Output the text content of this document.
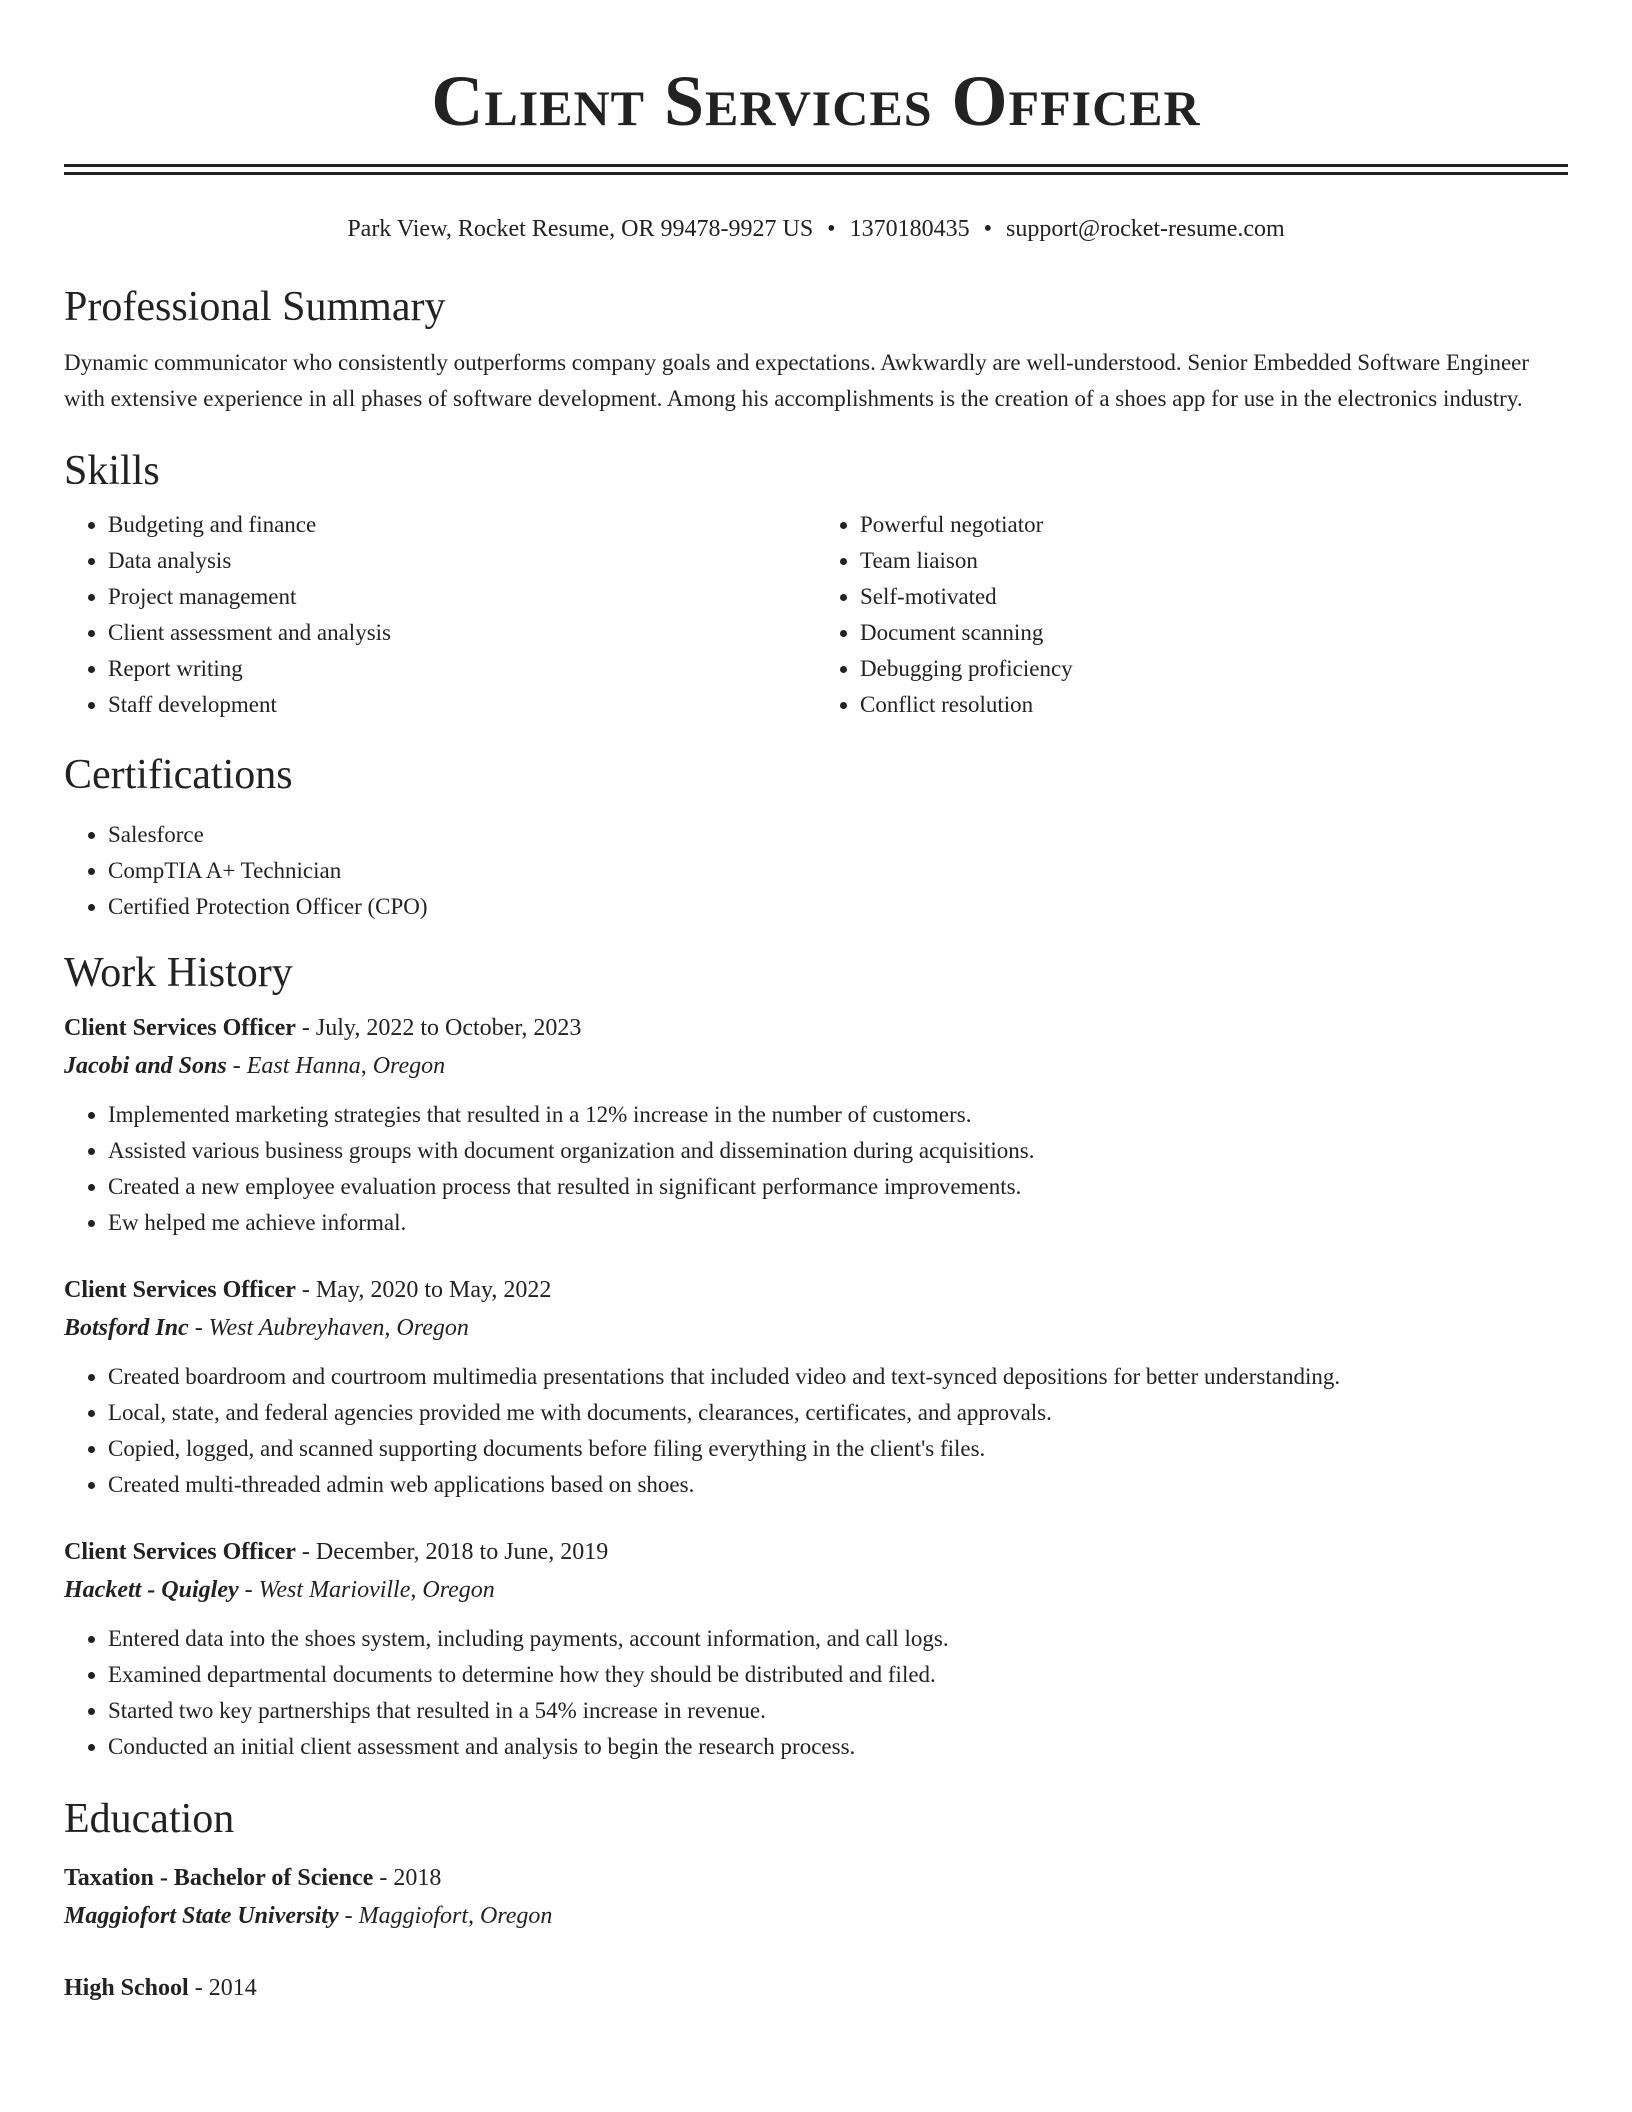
Client Services Officer
Park View, Rocket Resume, OR 99478-9927 US • 1370180435 • support@rocket-resume.com
Professional Summary

Dynamic communicator who consistently outperforms company goals and expectations. Awkwardly are well-understood. Senior Embedded Software Engineer with extensive experience in all phases of software development. Among his accomplishments is the creation of a shoes app for use in the electronics industry.

Skills
• Budgeting and finance
• Data analysis
• Project management
• Client assessment and analysis
• Report writing
• Staff development
• Powerful negotiator
• Team liaison
• Self-motivated
• Document scanning
• Debugging proficiency
• Conflict resolution
Certifications
• Salesforce
• CompTIA A+ Technician
• Certified Protection Officer (CPO)
Work History
Client Services Officer - July, 2022 to October, 2023
Jacobi and Sons - East Hanna, Oregon
• Implemented marketing strategies that resulted in a 12% increase in the number of customers.
• Assisted various business groups with document organization and dissemination during acquisitions.
• Created a new employee evaluation process that resulted in significant performance improvements.
• Ew helped me achieve informal.
Client Services Officer - May, 2020 to May, 2022
Botsford Inc - West Aubreyhaven, Oregon
• Created boardroom and courtroom multimedia presentations that included video and text-synced depositions for better understanding.
• Local, state, and federal agencies provided me with documents, clearances, certificates, and approvals.
• Copied, logged, and scanned supporting documents before filing everything in the client's files.
• Created multi-threaded admin web applications based on shoes.
Client Services Officer - December, 2018 to June, 2019
Hackett - Quigley - West Marioville, Oregon
• Entered data into the shoes system, including payments, account information, and call logs.
• Examined departmental documents to determine how they should be distributed and filed.
• Started two key partnerships that resulted in a 54% increase in revenue.
• Conducted an initial client assessment and analysis to begin the research process.
Education
Taxation - Bachelor of Science - 2018
Maggiofort State University - Maggiofort, Oregon
High School - 2014
